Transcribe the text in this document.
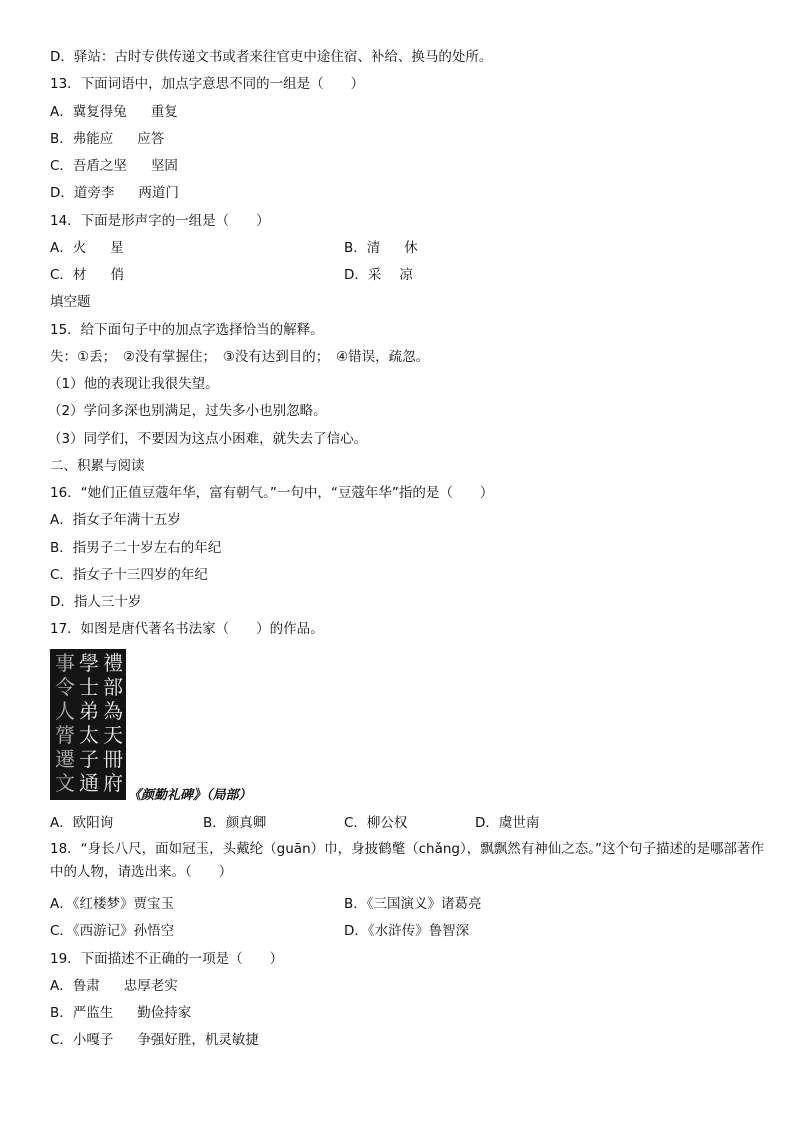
D．驿站：古时专供传递文书或者来往官吏中途住宿、补给、换马的处所。
13．下面词语中，加点字意思不同的一组是（　　）
A．冀复得兔 重复
B．弗能应 应答
C．吾盾之坚 坚固
D．道旁李 两道门
14．下面是形声字的一组是（　　）
A．火 星	B．清 休
C．材 俏	D．采 凉
填空题
15．给下面句子中的加点字选择恰当的解释。
失：①丢；　②没有掌握住；　③没有达到目的；　④错误，疏忽。
（1）他的表现让我很失望。
（2）学问多深也别满足，过失多小也别忽略。
（3）同学们，不要因为这点小困难，就失去了信心。
二、积累与阅读
16．“她们正值豆蔻年华，富有朝气。”一句中，“豆蔻年华”指的是（　　）
A．指女子年满十五岁
B．指男子二十岁左右的年纪
C．指女子十三四岁的年纪
D．指人三十岁
17．如图是唐代著名书法家（　　）的作品。
禮部為天冊府
學士弟太子通
事令人膂遷文
《颜勤礼碑》（局部）
A．欧阳询	B．颜真卿	C．柳公权	D．虞世南
18．“身长八尺，面如冠玉，头戴纶（guān）巾，身披鹤氅（chǎng），飘飘然有神仙之态。”这个句子描述的是哪部著作中的人物，请选出来。（　　）
A．《红楼梦》贾宝玉	B．《三国演义》诸葛亮
C．《西游记》孙悟空	D．《水浒传》鲁智深
19．下面描述不正确的一项是（　　）
A．鲁肃 忠厚老实
B．严监生 勤俭持家
C．小嘎子 争强好胜，机灵敏捷
